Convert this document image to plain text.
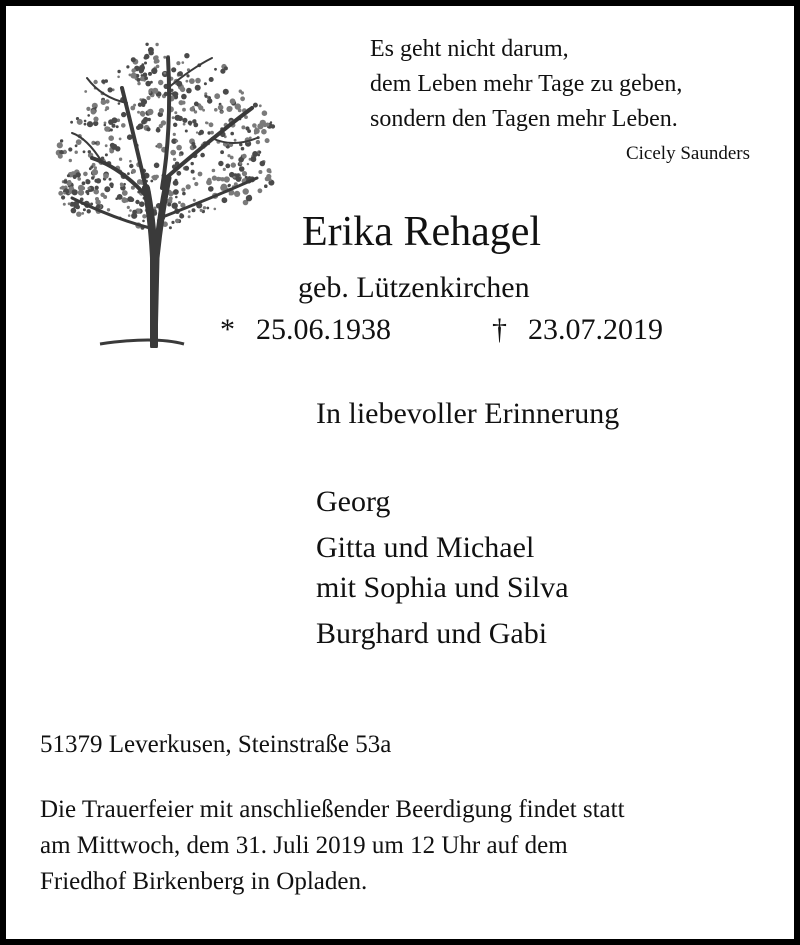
Es geht nicht darum,
dem Leben mehr Tage zu geben,
sondern den Tagen mehr Leben.

Cicely Saunders
Erika Rehagel
geb. Lützenkirchen
* 25.06.1938	† 23.07.2019
In liebevoller Erinnerung
Georg
Gitta und Michael
mit Sophia und Silva
Burghard und Gabi
51379 Leverkusen, Steinstraße 53a
Die Trauerfeier mit anschließender Beerdigung findet statt
am Mittwoch, dem 31. Juli 2019 um 12 Uhr auf dem
Friedhof Birkenberg in Opladen.
